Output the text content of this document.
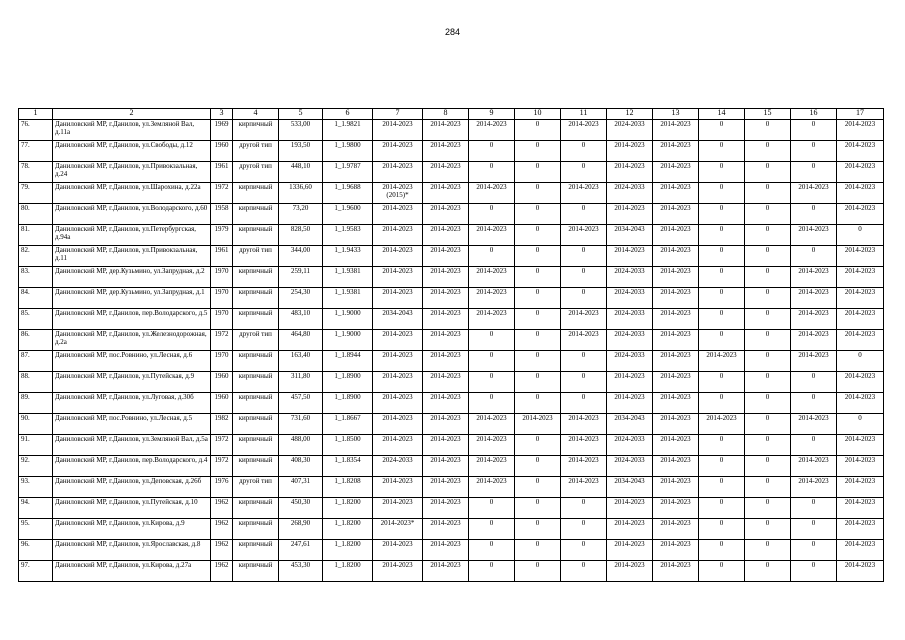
284
1	2	3	4	5	6	7	8	9	10	11	12	13	14	15	16	17
76.	Даниловский МР, г.Данилов, ул.Земляной Вал, д.11а	1969	кирпичный	533,00	1_1.9821	2014-2023	2014-2023	2014-2023	0	2014-2023	2024-2033	2014-2023	0	0	0	2014-2023
77.	Даниловский МР, г.Данилов, ул.Свободы, д.12	1960	другой тип	193,50	1_1.9800	2014-2023	2014-2023	0	0	0	2014-2023	2014-2023	0	0	0	2014-2023
78.	Даниловский МР, г.Данилов, ул.Привокзальная, д.24	1961	другой тип	448,10	1_1.9787	2014-2023	2014-2023	0	0	0	2014-2023	2014-2023	0	0	0	2014-2023
79.	Даниловский МР, г.Данилов, ул.Шарохина, д.22а	1972	кирпичный	1336,60	1_1.9688	2014-2023 (2015)*	2014-2023	2014-2023	0	2014-2023	2024-2033	2014-2023	0	0	2014-2023	2014-2023
80.	Даниловский МР, г.Данилов, ул.Володарского, д.60	1958	кирпичный	73,20	1_1.9600	2014-2023	2014-2023	0	0	0	2014-2023	2014-2023	0	0	0	2014-2023
81.	Даниловский МР, г.Данилов, ул.Петербургская, д.94а	1979	кирпичный	828,50	1_1.9583	2014-2023	2014-2023	2014-2023	0	2014-2023	2034-2043	2014-2023	0	0	2014-2023	0
82.	Даниловский МР, г.Данилов, ул.Привокзальная, д.11	1961	другой тип	344,00	1_1.9433	2014-2023	2014-2023	0	0	0	2014-2023	2014-2023	0	0	0	2014-2023
83.	Даниловский МР, дер.Кузьмино, ул.Запрудная, д.2	1970	кирпичный	259,11	1_1.9381	2014-2023	2014-2023	2014-2023	0	0	2024-2033	2014-2023	0	0	2014-2023	2014-2023
84.	Даниловский МР, дер.Кузьмино, ул.Запрудная, д.1	1970	кирпичный	254,30	1_1.9381	2014-2023	2014-2023	2014-2023	0	0	2024-2033	2014-2023	0	0	2014-2023	2014-2023
85.	Даниловский МР, г.Данилов, пер.Володарского, д.5	1970	кирпичный	483,10	1_1.9000	2034-2043	2014-2023	2014-2023	0	2014-2023	2024-2033	2014-2023	0	0	2014-2023	2014-2023
86.	Даниловский МР, г.Данилов, ул.Железнодорожная, д.2а	1972	другой тип	464,80	1_1.9000	2014-2023	2014-2023	0	0	2014-2023	2024-2033	2014-2023	0	0	2014-2023	2014-2023
87.	Даниловский МР, пос.Ровнино, ул.Лесная, д.6	1970	кирпичный	163,40	1_1.8944	2014-2023	2014-2023	0	0	0	2024-2033	2014-2023	2014-2023	0	2014-2023	0
88.	Даниловский МР, г.Данилов, ул.Путейская, д.9	1960	кирпичный	311,80	1_1.8900	2014-2023	2014-2023	0	0	0	2014-2023	2014-2023	0	0	0	2014-2023
89.	Даниловский МР, г.Данилов, ул.Луговая, д.30б	1960	кирпичный	457,50	1_1.8900	2014-2023	2014-2023	0	0	0	2014-2023	2014-2023	0	0	0	2014-2023
90.	Даниловский МР, пос.Ровнино, ул.Лесная, д.5	1982	кирпичный	731,60	1_1.8667	2014-2023	2014-2023	2014-2023	2014-2023	2014-2023	2034-2043	2014-2023	2014-2023	0	2014-2023	0
91.	Даниловский МР, г.Данилов, ул.Земляной Вал, д.5а	1972	кирпичный	488,00	1_1.8500	2014-2023	2014-2023	2014-2023	0	2014-2023	2024-2033	2014-2023	0	0	0	2014-2023
92.	Даниловский МР, г.Данилов, пер.Володарского, д.4	1972	кирпичный	408,30	1_1.8354	2024-2033	2014-2023	2014-2023	0	2014-2023	2024-2033	2014-2023	0	0	2014-2023	2014-2023
93.	Даниловский МР, г.Данилов, ул.Деповская, д.26б	1976	другой тип	407,31	1_1.8208	2014-2023	2014-2023	2014-2023	0	2014-2023	2034-2043	2014-2023	0	0	2014-2023	2014-2023
94.	Даниловский МР, г.Данилов, ул.Путейская, д.10	1962	кирпичный	450,30	1_1.8200	2014-2023	2014-2023	0	0	0	2014-2023	2014-2023	0	0	0	2014-2023
95.	Даниловский МР, г.Данилов, ул.Кирова, д.9	1962	кирпичный	268,90	1_1.8200	2014-2023*	2014-2023	0	0	0	2014-2023	2014-2023	0	0	0	2014-2023
96.	Даниловский МР, г.Данилов, ул.Ярославская, д.8	1962	кирпичный	247,61	1_1.8200	2014-2023	2014-2023	0	0	0	2014-2023	2014-2023	0	0	0	2014-2023
97.	Даниловский МР, г.Данилов, ул.Кирова, д.27а	1962	кирпичный	453,30	1_1.8200	2014-2023	2014-2023	0	0	0	2014-2023	2014-2023	0	0	0	2014-2023
